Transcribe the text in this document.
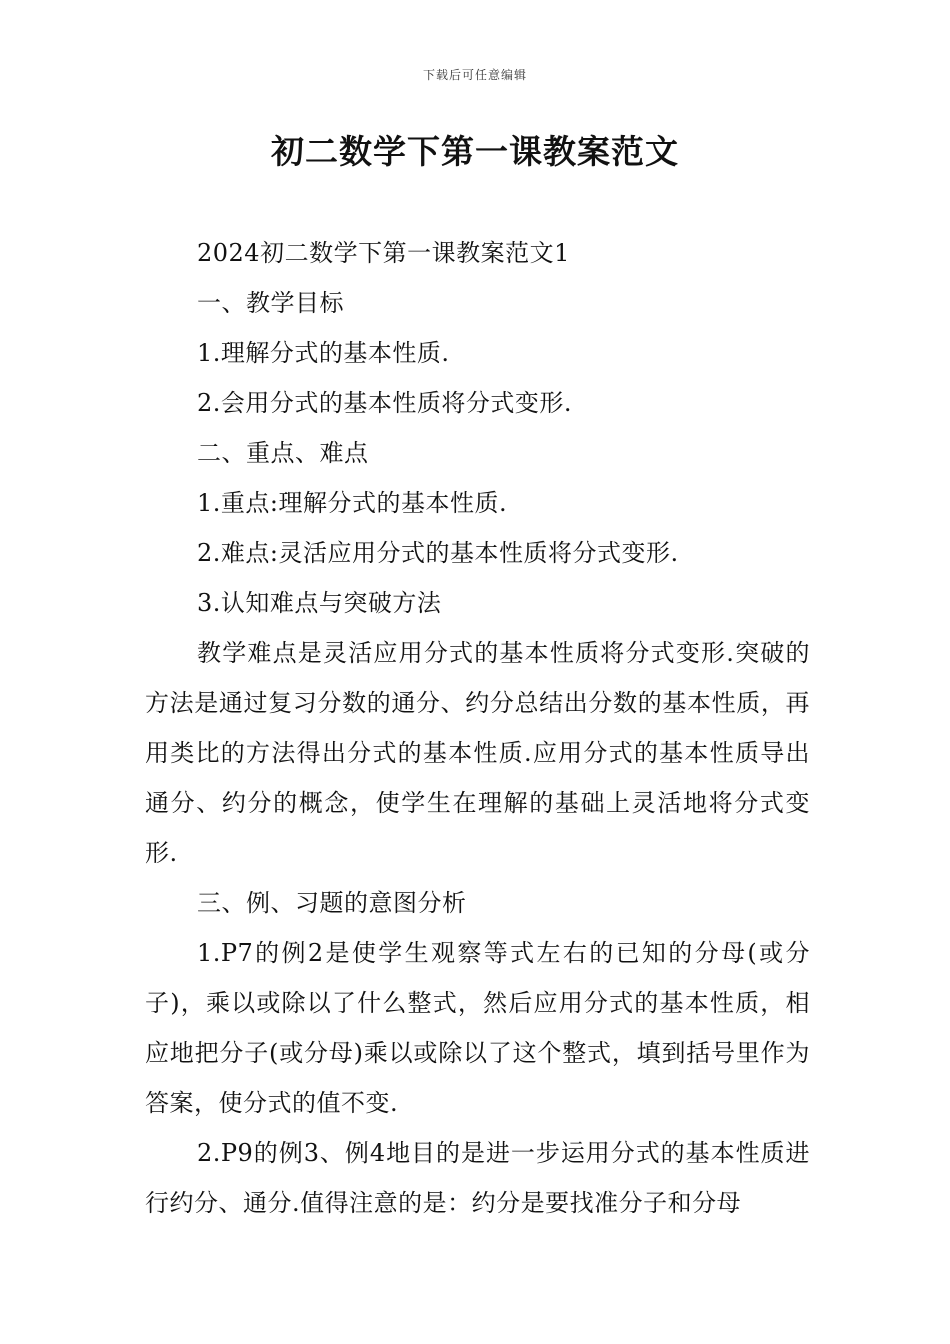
下载后可任意编辑
初二数学下第一课教案范文

2024初二数学下第一课教案范文1

一、教学目标

1.理解分式的基本性质.

2.会用分式的基本性质将分式变形.

二、重点、难点

1.重点:理解分式的基本性质.

2.难点:灵活应用分式的基本性质将分式变形.

3.认知难点与突破方法

教学难点是灵活应用分式的基本性质将分式变形.突破的方法是通过复习分数的通分、约分总结出分数的基本性质，再用类比的方法得出分式的基本性质.应用分式的基本性质导出通分、约分的概念，使学生在理解的基础上灵活地将分式变形.

三、例、习题的意图分析

1.P7的例2是使学生观察等式左右的已知的分母(或分子)，乘以或除以了什么整式，然后应用分式的基本性质，相应地把分子(或分母)乘以或除以了这个整式，填到括号里作为答案，使分式的值不变.

2.P9的例3、例4地目的是进一步运用分式的基本性质进行约分、通分.值得注意的是：约分是要找准分子和分母
